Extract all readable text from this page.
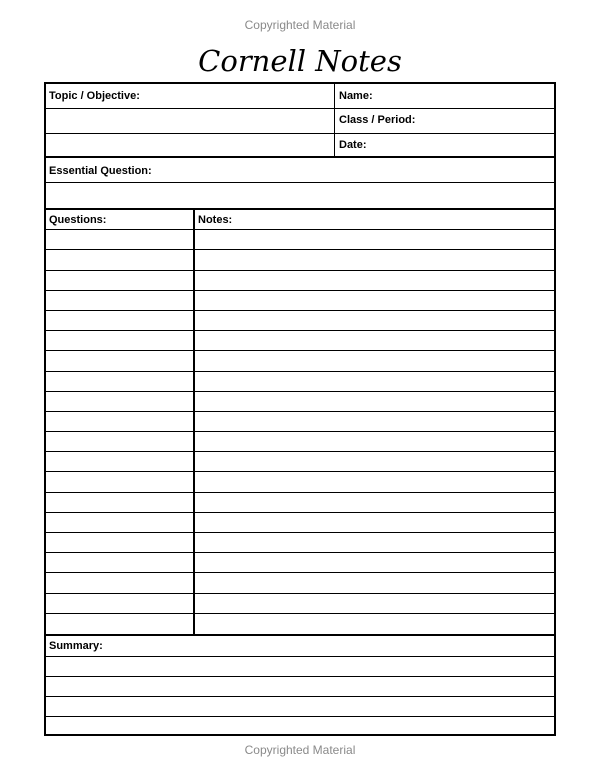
Copyrighted Material
Cornell Notes
Topic / Objective:	Name:
Class / Period:
Date:
Essential Question:
Questions:	Notes:
Summary:
Copyrighted Material
